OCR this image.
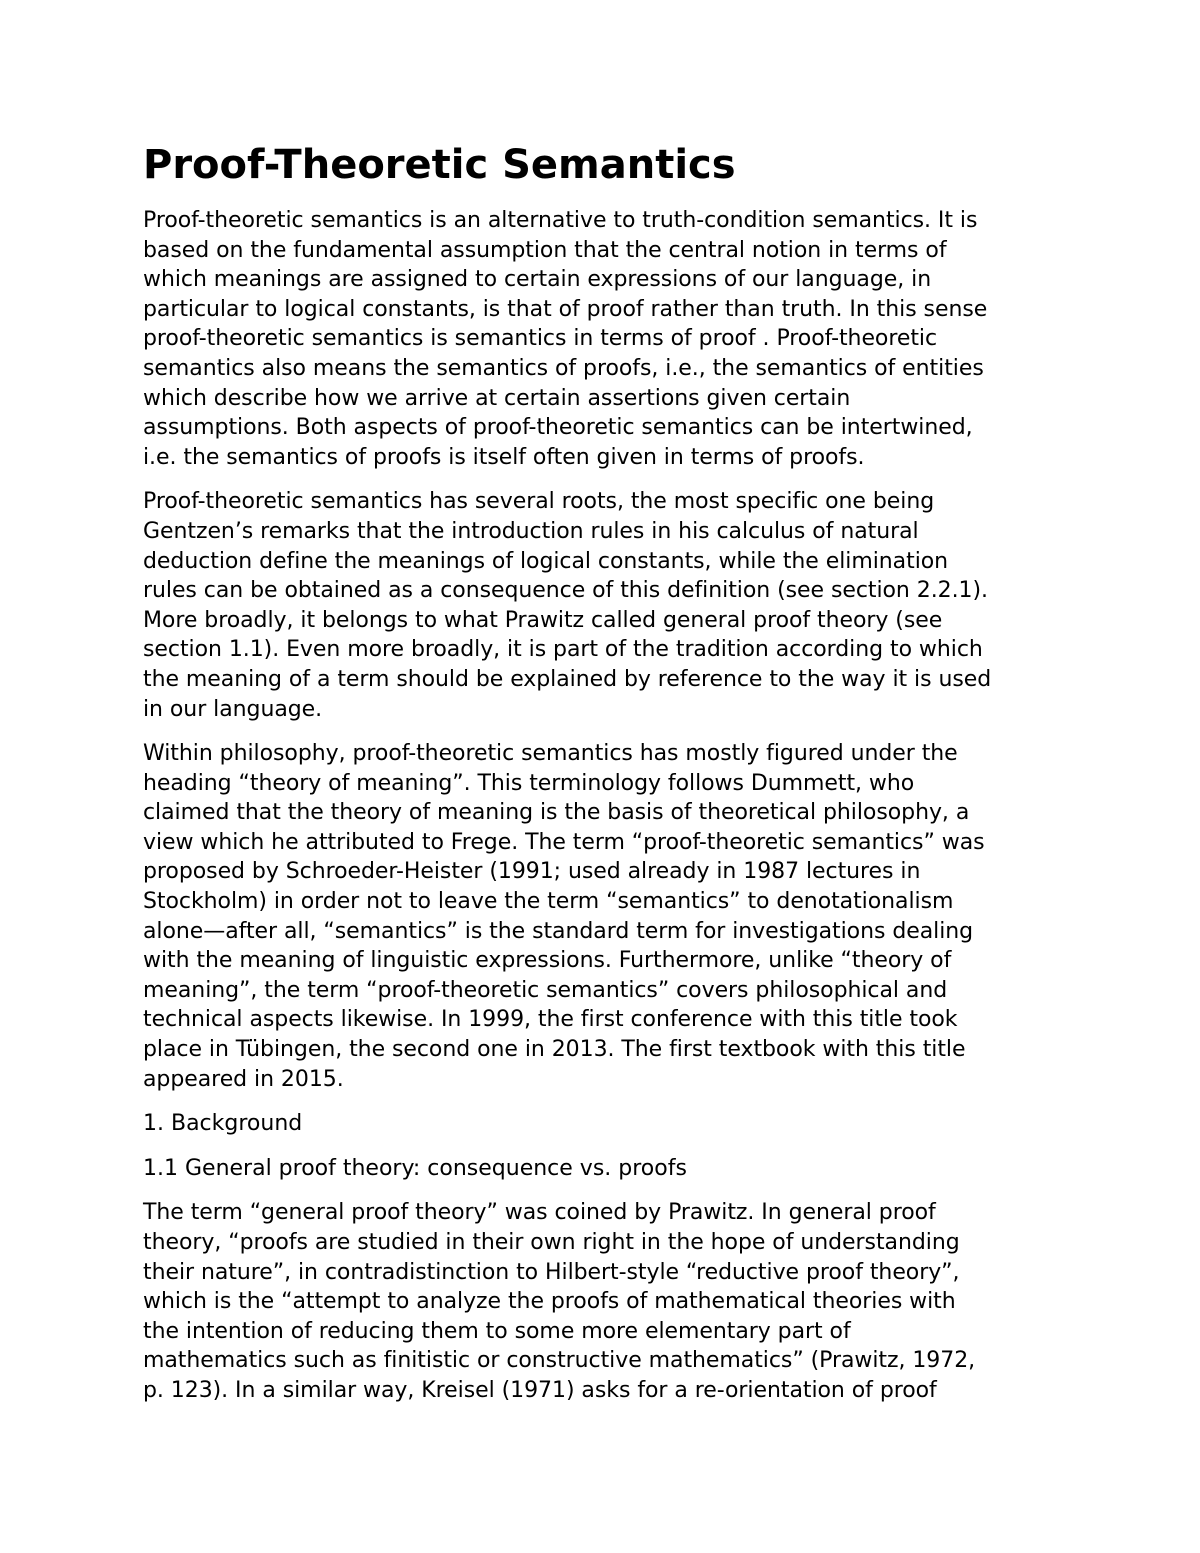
Proof-Theoretic Semantics

Proof-theoretic semantics is an alternative to truth-condition semantics. It is
based on the fundamental assumption that the central notion in terms of
which meanings are assigned to certain expressions of our language, in
particular to logical constants, is that of proof rather than truth. In this sense
proof-theoretic semantics is semantics in terms of proof . Proof-theoretic
semantics also means the semantics of proofs, i.e., the semantics of entities
which describe how we arrive at certain assertions given certain
assumptions. Both aspects of proof-theoretic semantics can be intertwined,
i.e. the semantics of proofs is itself often given in terms of proofs.

Proof-theoretic semantics has several roots, the most specific one being
Gentzen’s remarks that the introduction rules in his calculus of natural
deduction define the meanings of logical constants, while the elimination
rules can be obtained as a consequence of this definition (see section 2.2.1).
More broadly, it belongs to what Prawitz called general proof theory (see
section 1.1). Even more broadly, it is part of the tradition according to which
the meaning of a term should be explained by reference to the way it is used
in our language.

Within philosophy, proof-theoretic semantics has mostly figured under the
heading “theory of meaning”. This terminology follows Dummett, who
claimed that the theory of meaning is the basis of theoretical philosophy, a
view which he attributed to Frege. The term “proof-theoretic semantics” was
proposed by Schroeder-Heister (1991; used already in 1987 lectures in
Stockholm) in order not to leave the term “semantics” to denotationalism
alone—after all, “semantics” is the standard term for investigations dealing
with the meaning of linguistic expressions. Furthermore, unlike “theory of
meaning”, the term “proof-theoretic semantics” covers philosophical and
technical aspects likewise. In 1999, the first conference with this title took
place in Tübingen, the second one in 2013. The first textbook with this title
appeared in 2015.

1. Background

1.1 General proof theory: consequence vs. proofs

The term “general proof theory” was coined by Prawitz. In general proof
theory, “proofs are studied in their own right in the hope of understanding
their nature”, in contradistinction to Hilbert-style “reductive proof theory”,
which is the “attempt to analyze the proofs of mathematical theories with
the intention of reducing them to some more elementary part of
mathematics such as finitistic or constructive mathematics” (Prawitz, 1972,
p. 123). In a similar way, Kreisel (1971) asks for a re-orientation of proof
